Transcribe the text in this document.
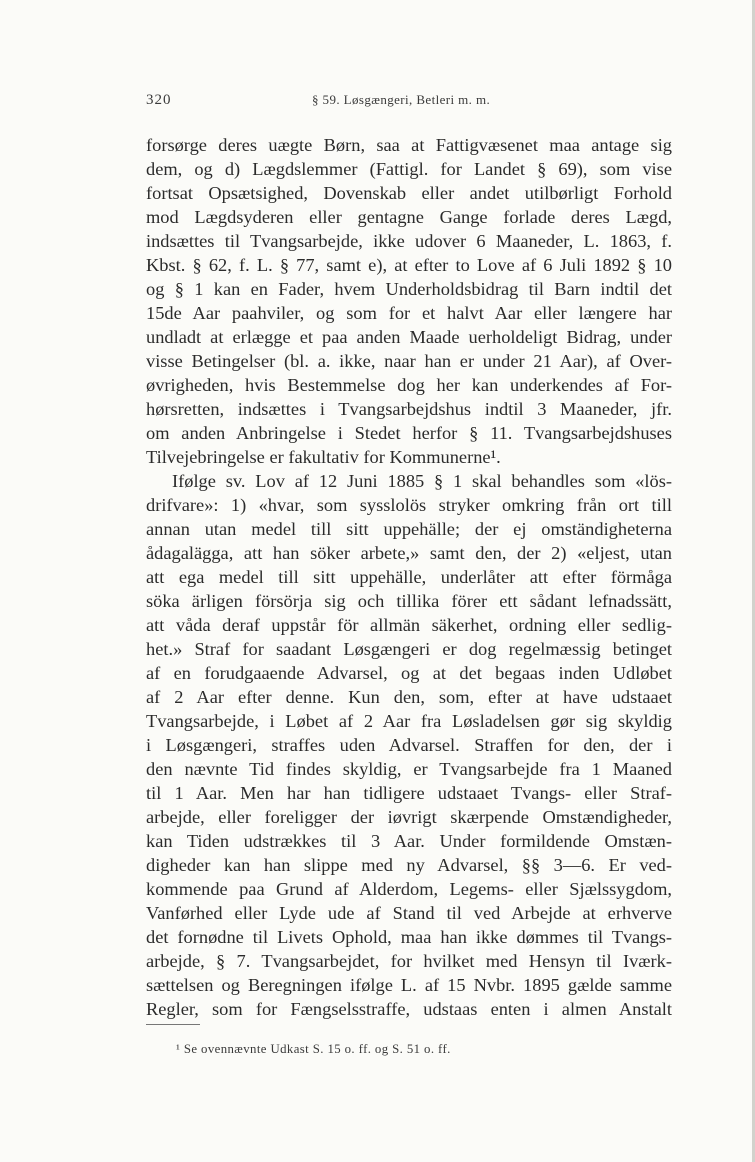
320	§ 59. Løsgængeri, Betleri m. m.
forsørge deres uægte Børn, saa at Fattigvæsenet maa antage sig
dem, og d) Lægdslemmer (Fattigl. for Landet § 69), som vise
fortsat Opsætsighed, Dovenskab eller andet utilbørligt Forhold
mod Lægdsyderen eller gentagne Gange forlade deres Lægd,
indsættes til Tvangsarbejde, ikke udover 6 Maaneder, L. 1863, f.
Kbst. § 62, f. L. § 77, samt e), at efter to Love af 6 Juli 1892 § 10
og § 1 kan en Fader, hvem Underholdsbidrag til Barn indtil det
15de Aar paahviler, og som for et halvt Aar eller længere har
undladt at erlægge et paa anden Maade uerholdeligt Bidrag, under
visse Betingelser (bl. a. ikke, naar han er under 21 Aar), af Over-
øvrigheden, hvis Bestemmelse dog her kan underkendes af For-
hørsretten, indsættes i Tvangsarbejdshus indtil 3 Maaneder, jfr.
om anden Anbringelse i Stedet herfor § 11. Tvangsarbejdshuses
Tilvejebringelse er fakultativ for Kommunerne¹.
Ifølge sv. Lov af 12 Juni 1885 § 1 skal behandles som «lös-
drifvare»: 1) «hvar, som sysslolös stryker omkring från ort till
annan utan medel till sitt uppehälle; der ej omständigheterna
ådagalägga, att han söker arbete,» samt den, der 2) «eljest, utan
att ega medel till sitt uppehälle, underlåter att efter förmåga
söka ärligen försörja sig och tillika förer ett sådant lefnadssätt,
att våda deraf uppstår för allmän säkerhet, ordning eller sedlig-
het.» Straf for saadant Løsgængeri er dog regelmæssig betinget
af en forudgaaende Advarsel, og at det begaas inden Udløbet
af 2 Aar efter denne. Kun den, som, efter at have udstaaet
Tvangsarbejde, i Løbet af 2 Aar fra Løsladelsen gør sig skyldig
i Løsgængeri, straffes uden Advarsel. Straffen for den, der i
den nævnte Tid findes skyldig, er Tvangsarbejde fra 1 Maaned
til 1 Aar. Men har han tidligere udstaaet Tvangs- eller Straf-
arbejde, eller foreligger der iøvrigt skærpende Omstændigheder,
kan Tiden udstrækkes til 3 Aar. Under formildende Omstæn-
digheder kan han slippe med ny Advarsel, §§ 3—6. Er ved-
kommende paa Grund af Alderdom, Legems- eller Sjælssygdom,
Vanførhed eller Lyde ude af Stand til ved Arbejde at erhverve
det fornødne til Livets Ophold, maa han ikke dømmes til Tvangs-
arbejde, § 7. Tvangsarbejdet, for hvilket med Hensyn til Iværk-
sættelsen og Beregningen ifølge L. af 15 Nvbr. 1895 gælde samme
Regler, som for Fængselsstraffe, udstaas enten i almen Anstalt
¹ Se ovennævnte Udkast S. 15 o. ff. og S. 51 o. ff.
